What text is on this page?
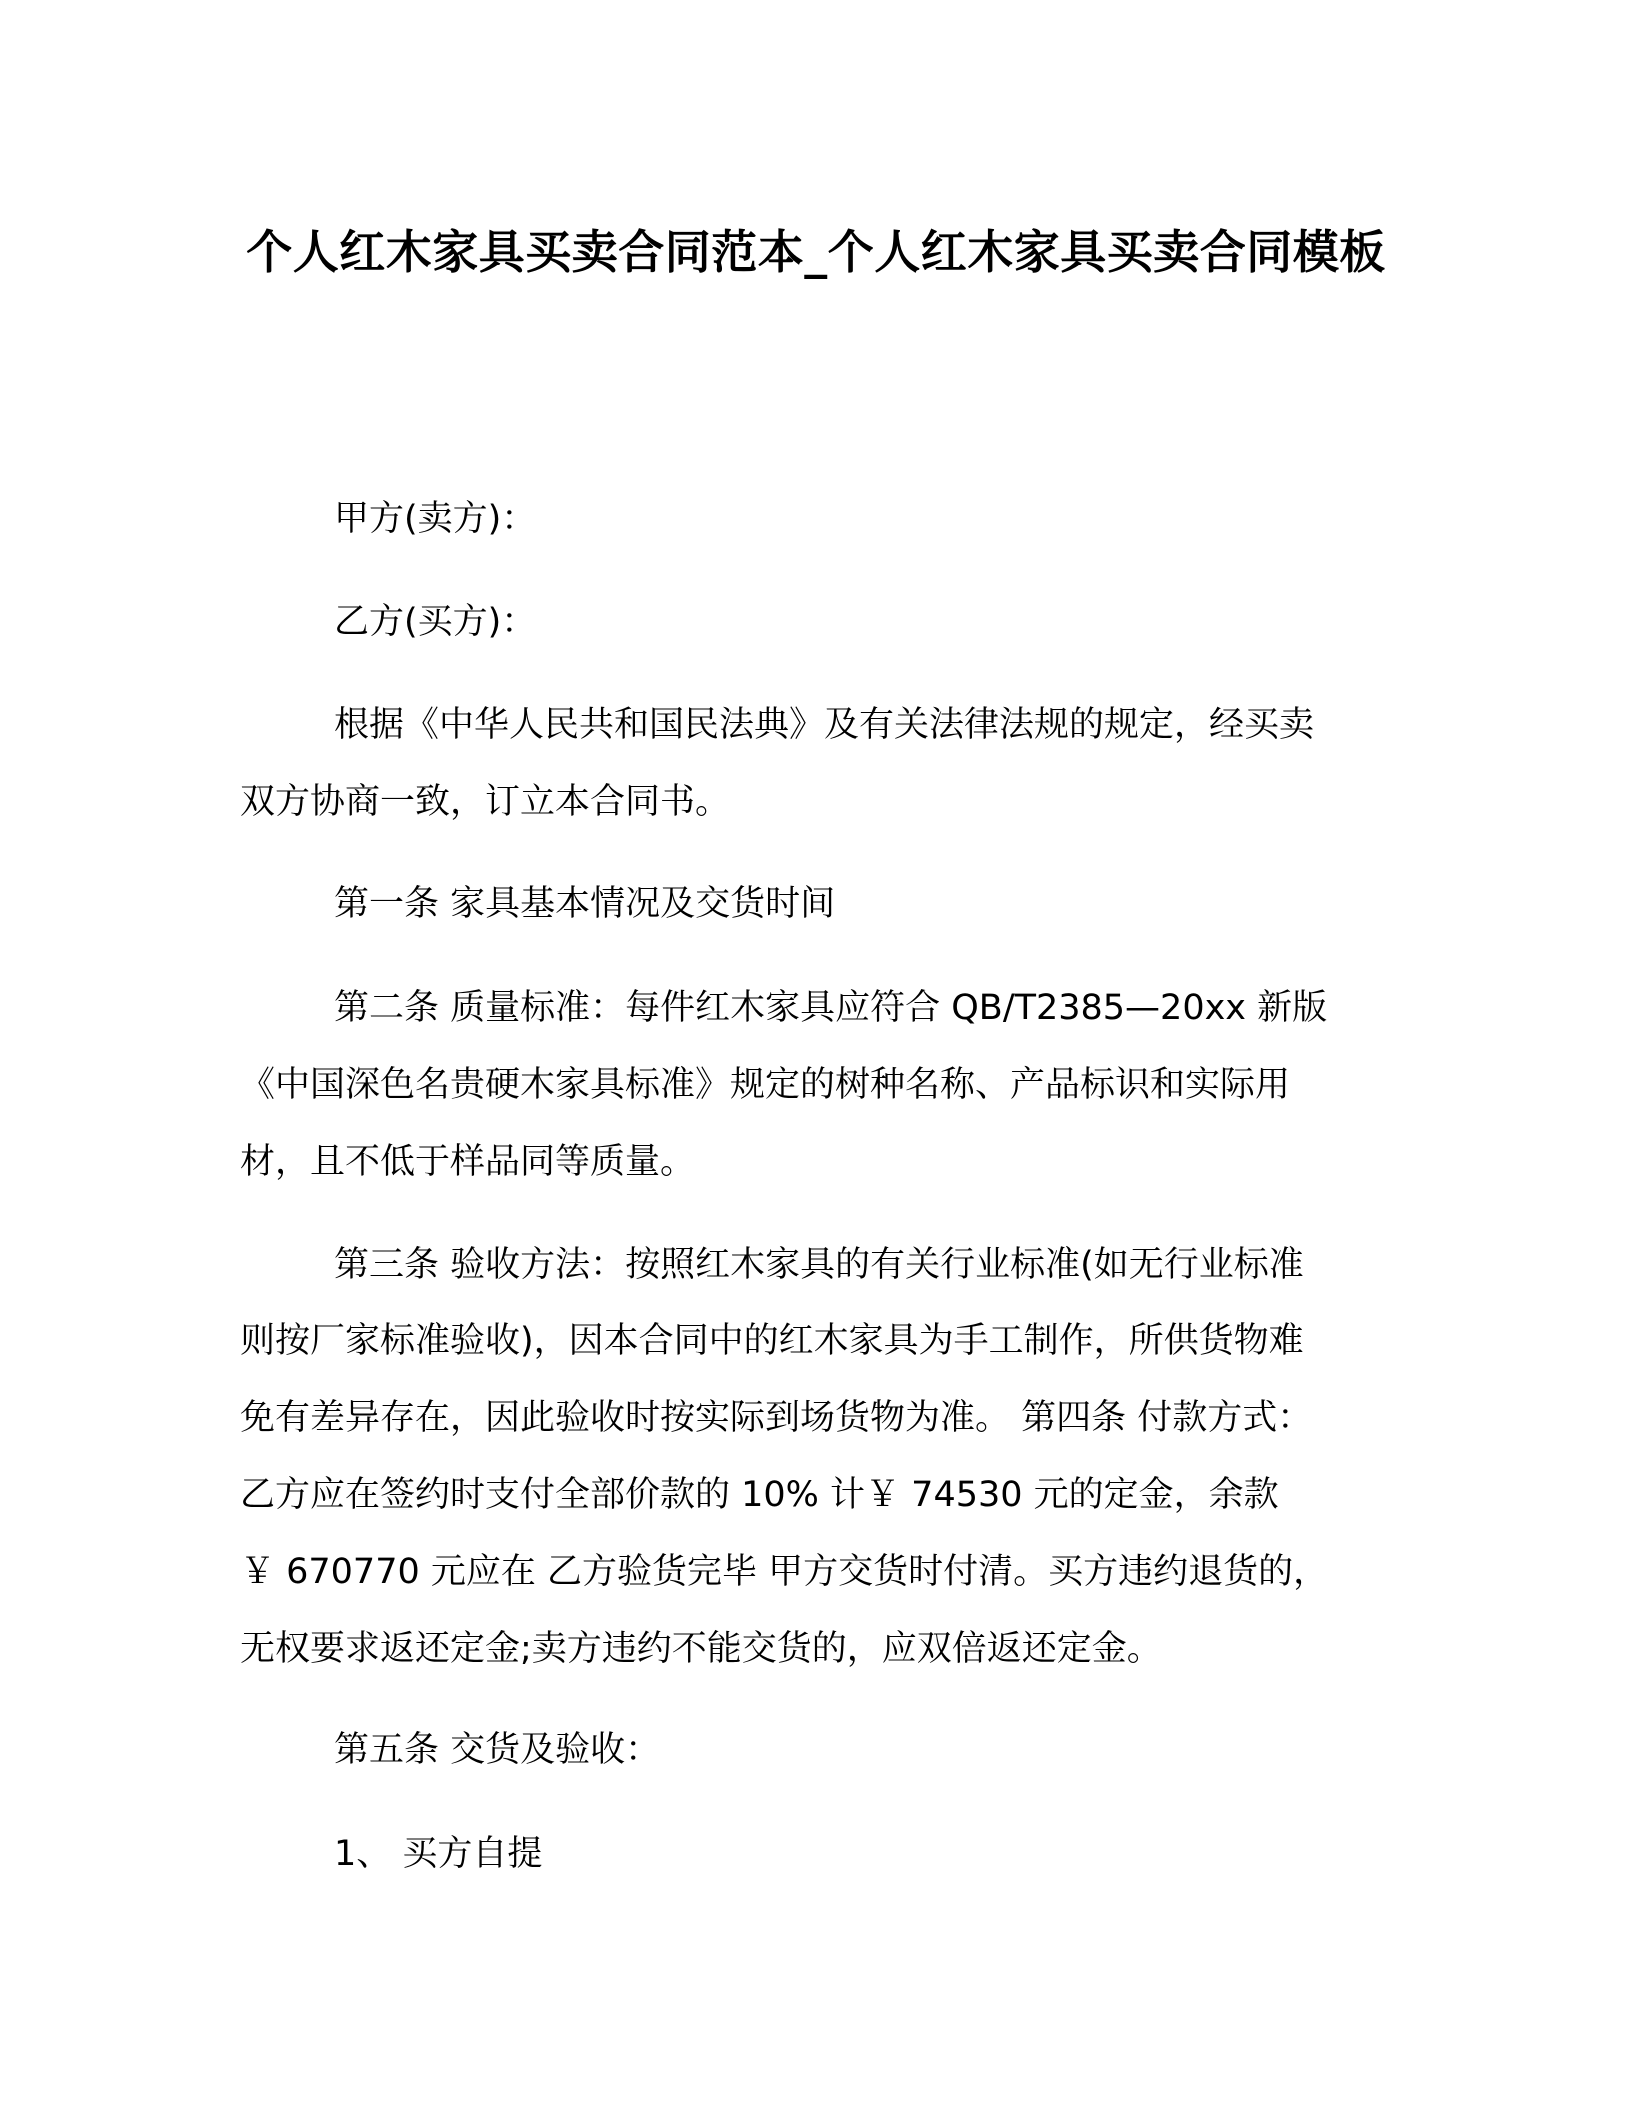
个人红木家具买卖合同范本_个人红木家具买卖合同模板
甲方(卖方)：
乙方(买方)：
根据《中华人民共和国民法典》及有关法律法规的规定，经买卖
双方协商一致，订立本合同书。
第一条 家具基本情况及交货时间
第二条 质量标准：每件红木家具应符合 QB/T2385—20xx 新版
《中国深色名贵硬木家具标准》规定的树种名称、产品标识和实际用
材，且不低于样品同等质量。
第三条 验收方法：按照红木家具的有关行业标准(如无行业标准
则按厂家标准验收)，因本合同中的红木家具为手工制作，所供货物难
免有差异存在，因此验收时按实际到场货物为准。 第四条 付款方式：
乙方应在签约时支付全部价款的 10% 计￥ 74530 元的定金，余款
￥ 670770 元应在 乙方验货完毕 甲方交货时付清。买方违约退货的，
无权要求返还定金;卖方违约不能交货的，应双倍返还定金。
第五条 交货及验收：
1、 买方自提
